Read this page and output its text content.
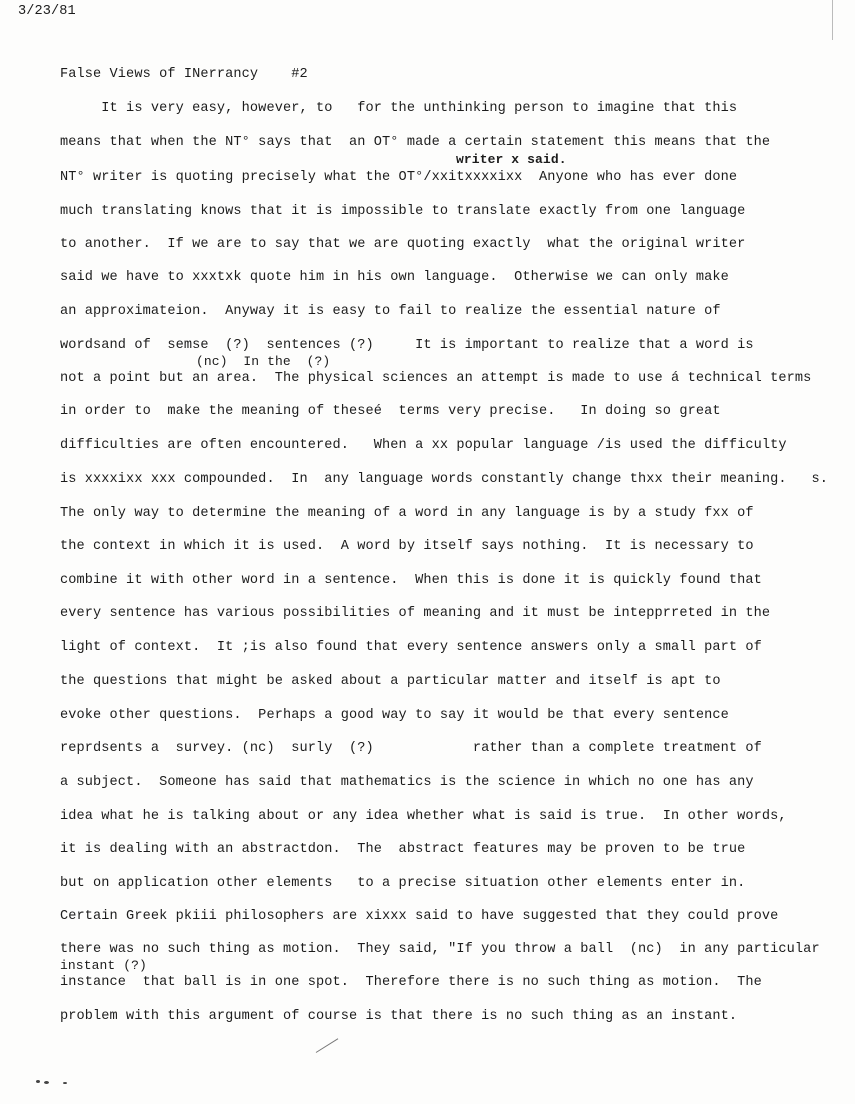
3/23/81
False Views of INerrancy #2
It is very easy, however, to   for the unthinking person to imagine that this
means that when the NT° says that  an OT° made a certain statement this means that the
writer x said.
NT° writer is quoting precisely what the OT°/xxitxxxxixx  Anyone who has ever done
much translating knows that it is impossible to translate exactly from one language
to another.  If we are to say that we are quoting exactly  what the original writer
said we have to xxxtxk quote him in his own language.  Otherwise we can only make
an approximateion.  Anyway it is easy to fail to realize the essential nature of
wordsand of  semse  (?)  sentences (?)     It is important to realize that a word is
(nc)  In the  (?)
not a point but an area.  The physical sciences an attempt is made to use á technical terms
in order to  make the meaning of theseé  terms very precise.   In doing so great
difficulties are often encountered.   When a xx popular language /is used the difficulty
is xxxxixx xxx compounded.  In  any language words constantly change thxx their meaning.   s.
The only way to determine the meaning of a word in any language is by a study fxx of
the context in which it is used.  A word by itself says nothing.  It is necessary to
combine it with other word in a sentence.  When this is done it is quickly found that
every sentence has various possibilities of meaning and it must be intepprreted in the
light of context.  It ;is also found that every sentence answers only a small part of
the questions that might be asked about a particular matter and itself is apt to
evoke other questions.  Perhaps a good way to say it would be that every sentence
reprdsents a  survey. (nc)  surly  (?)            rather than a complete treatment of
a subject.  Someone has said that mathematics is the science in which no one has any
idea what he is talking about or any idea whether what is said is true.  In other words,
it is dealing with an abstractdon.  The  abstract features may be proven to be true
but on application other elements   to a precise situation other elements enter in.
Certain Greek pkiii philosophers are xixxx said to have suggested that they could prove
there was no such thing as motion.  They said, "If you throw a ball  (nc)  in any particular
instant (?)
instance  that ball is in one spot.  Therefore there is no such thing as motion.  The
problem with this argument of course is that there is no such thing as an instant.
